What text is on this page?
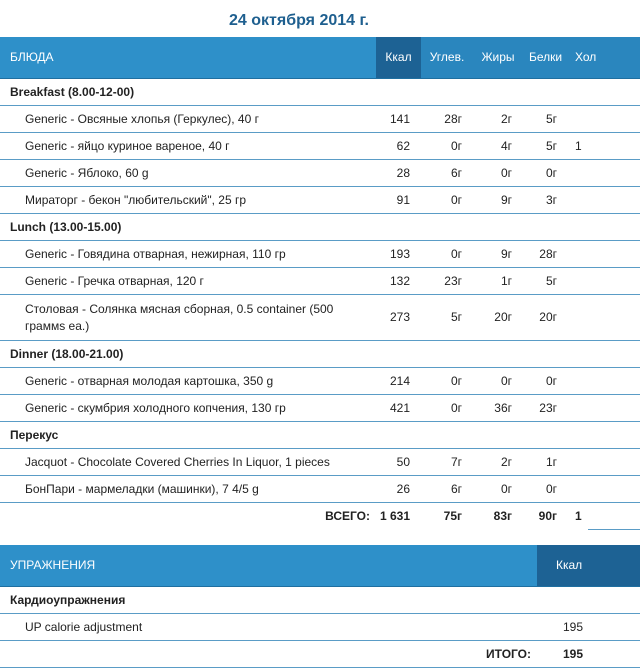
24 октября 2014 г.
БЛЮДА	Ккал	Углев.	Жиры	Белки	Хол
Breakfast (8.00-12-00)					
Generic - Овсяные хлопья (Геркулес), 40 г	141	28г	2г	5г	
Generic - яйцо куриное вареное, 40 г	62	0г	4г	5г	1
Generic - Яблоко, 60 g	28	6г	0г	0г	
Мираторг - бекон "любительский", 25 гр	91	0г	9г	3г	
Lunch (13.00-15.00)					
Generic - Говядина отварная, нежирная, 110 гр	193	0г	9г	28г	
Generic - Гречка отварная, 120 г	132	23г	1г	5г	
Столовая - Солянка мясная сборная, 0.5 container (500 граммs ea.)	273	5г	20г	20г	
Dinner (18.00-21.00)					
Generic - отварная молодая картошка, 350 g	214	0г	0г	0г	
Generic - скумбрия холодного копчения, 130 гр	421	0г	36г	23г	
Перекус					
Jacquot - Chocolate Covered Cherries In Liquor, 1 pieces	50	7г	2г	1г	
БонПари - мармеладки (машинки), 7 4/5 g	26	6г	0г	0г	
ВСЕГО:	1 631	75г	83г	90г	1
УПРАЖНЕНИЯ	Ккал
Кардиоупражнения	
UP calorie adjustment	195
ИТОГО:	195
